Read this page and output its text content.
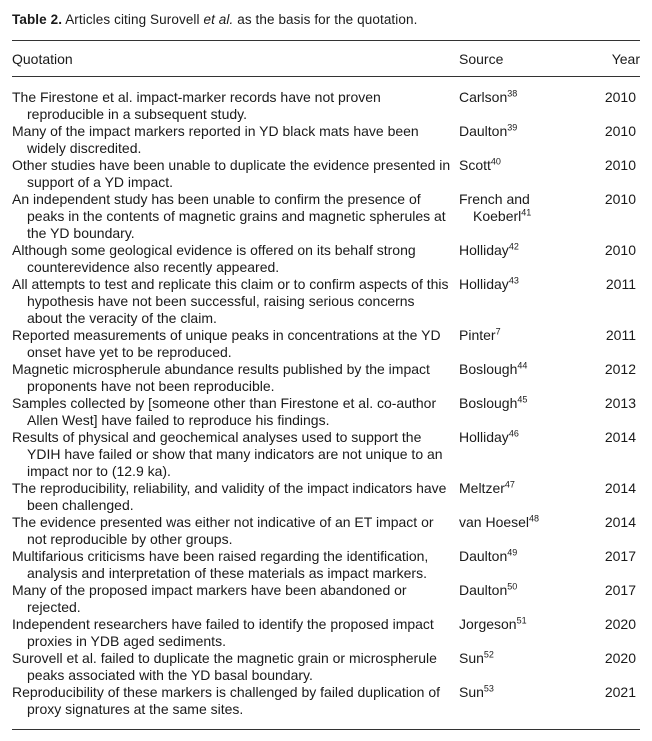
Table 2. Articles citing Surovell et al. as the basis for the quotation.
Quotation	Source	Year
The Firestone et al. impact-marker records have not proven reproducible in a subsequent study.
Carlson$^{38}$	2010
Many of the impact markers reported in YD black mats have been widely discredited.
Daulton$^{39}$	2010
Other studies have been unable to duplicate the evidence presented in support of a YD impact.
Scott$^{40}$	2010
An independent study has been unable to confirm the presence of peaks in the contents of magnetic grains and magnetic spherules at the YD boundary.
French and Koeberl$^{41}$
2010
Although some geological evidence is offered on its behalf strong counterevidence also recently appeared.
Holliday$^{42}$	2010
All attempts to test and replicate this claim or to confirm aspects of this hypothesis have not been successful, raising serious concerns about the veracity of the claim.
Holliday$^{43}$	2011
Reported measurements of unique peaks in concentrations at the YD onset have yet to be reproduced.
Pinter$^7$	2011
Magnetic microspherule abundance results published by the impact proponents have not been reproducible.
Boslough$^{44}$	2012
Samples collected by [someone other than Firestone et al. co-author Allen West] have failed to reproduce his findings.
Boslough$^{45}$	2013
Results of physical and geochemical analyses used to support the YDIH have failed or show that many indicators are not unique to an impact nor to (12.9 ka).
Holliday$^{46}$	2014
The reproducibility, reliability, and validity of the impact indicators have been challenged.
Meltzer$^{47}$	2014
The evidence presented was either not indicative of an ET impact or not reproducible by other groups.
van Hoesel$^{48}$	2014
Multifarious criticisms have been raised regarding the identification, analysis and interpretation of these materials as impact markers.
Daulton$^{49}$	2017
Many of the proposed impact markers have been abandoned or rejected.
Daulton$^{50}$	2017
Independent researchers have failed to identify the proposed impact proxies in YDB aged sediments.
Jorgeson$^{51}$	2020
Surovell et al. failed to duplicate the magnetic grain or microspherule peaks associated with the YD basal boundary.
Sun$^{52}$	2020
Reproducibility of these markers is challenged by failed duplication of proxy signatures at the same sites.
Sun$^{53}$	2021
